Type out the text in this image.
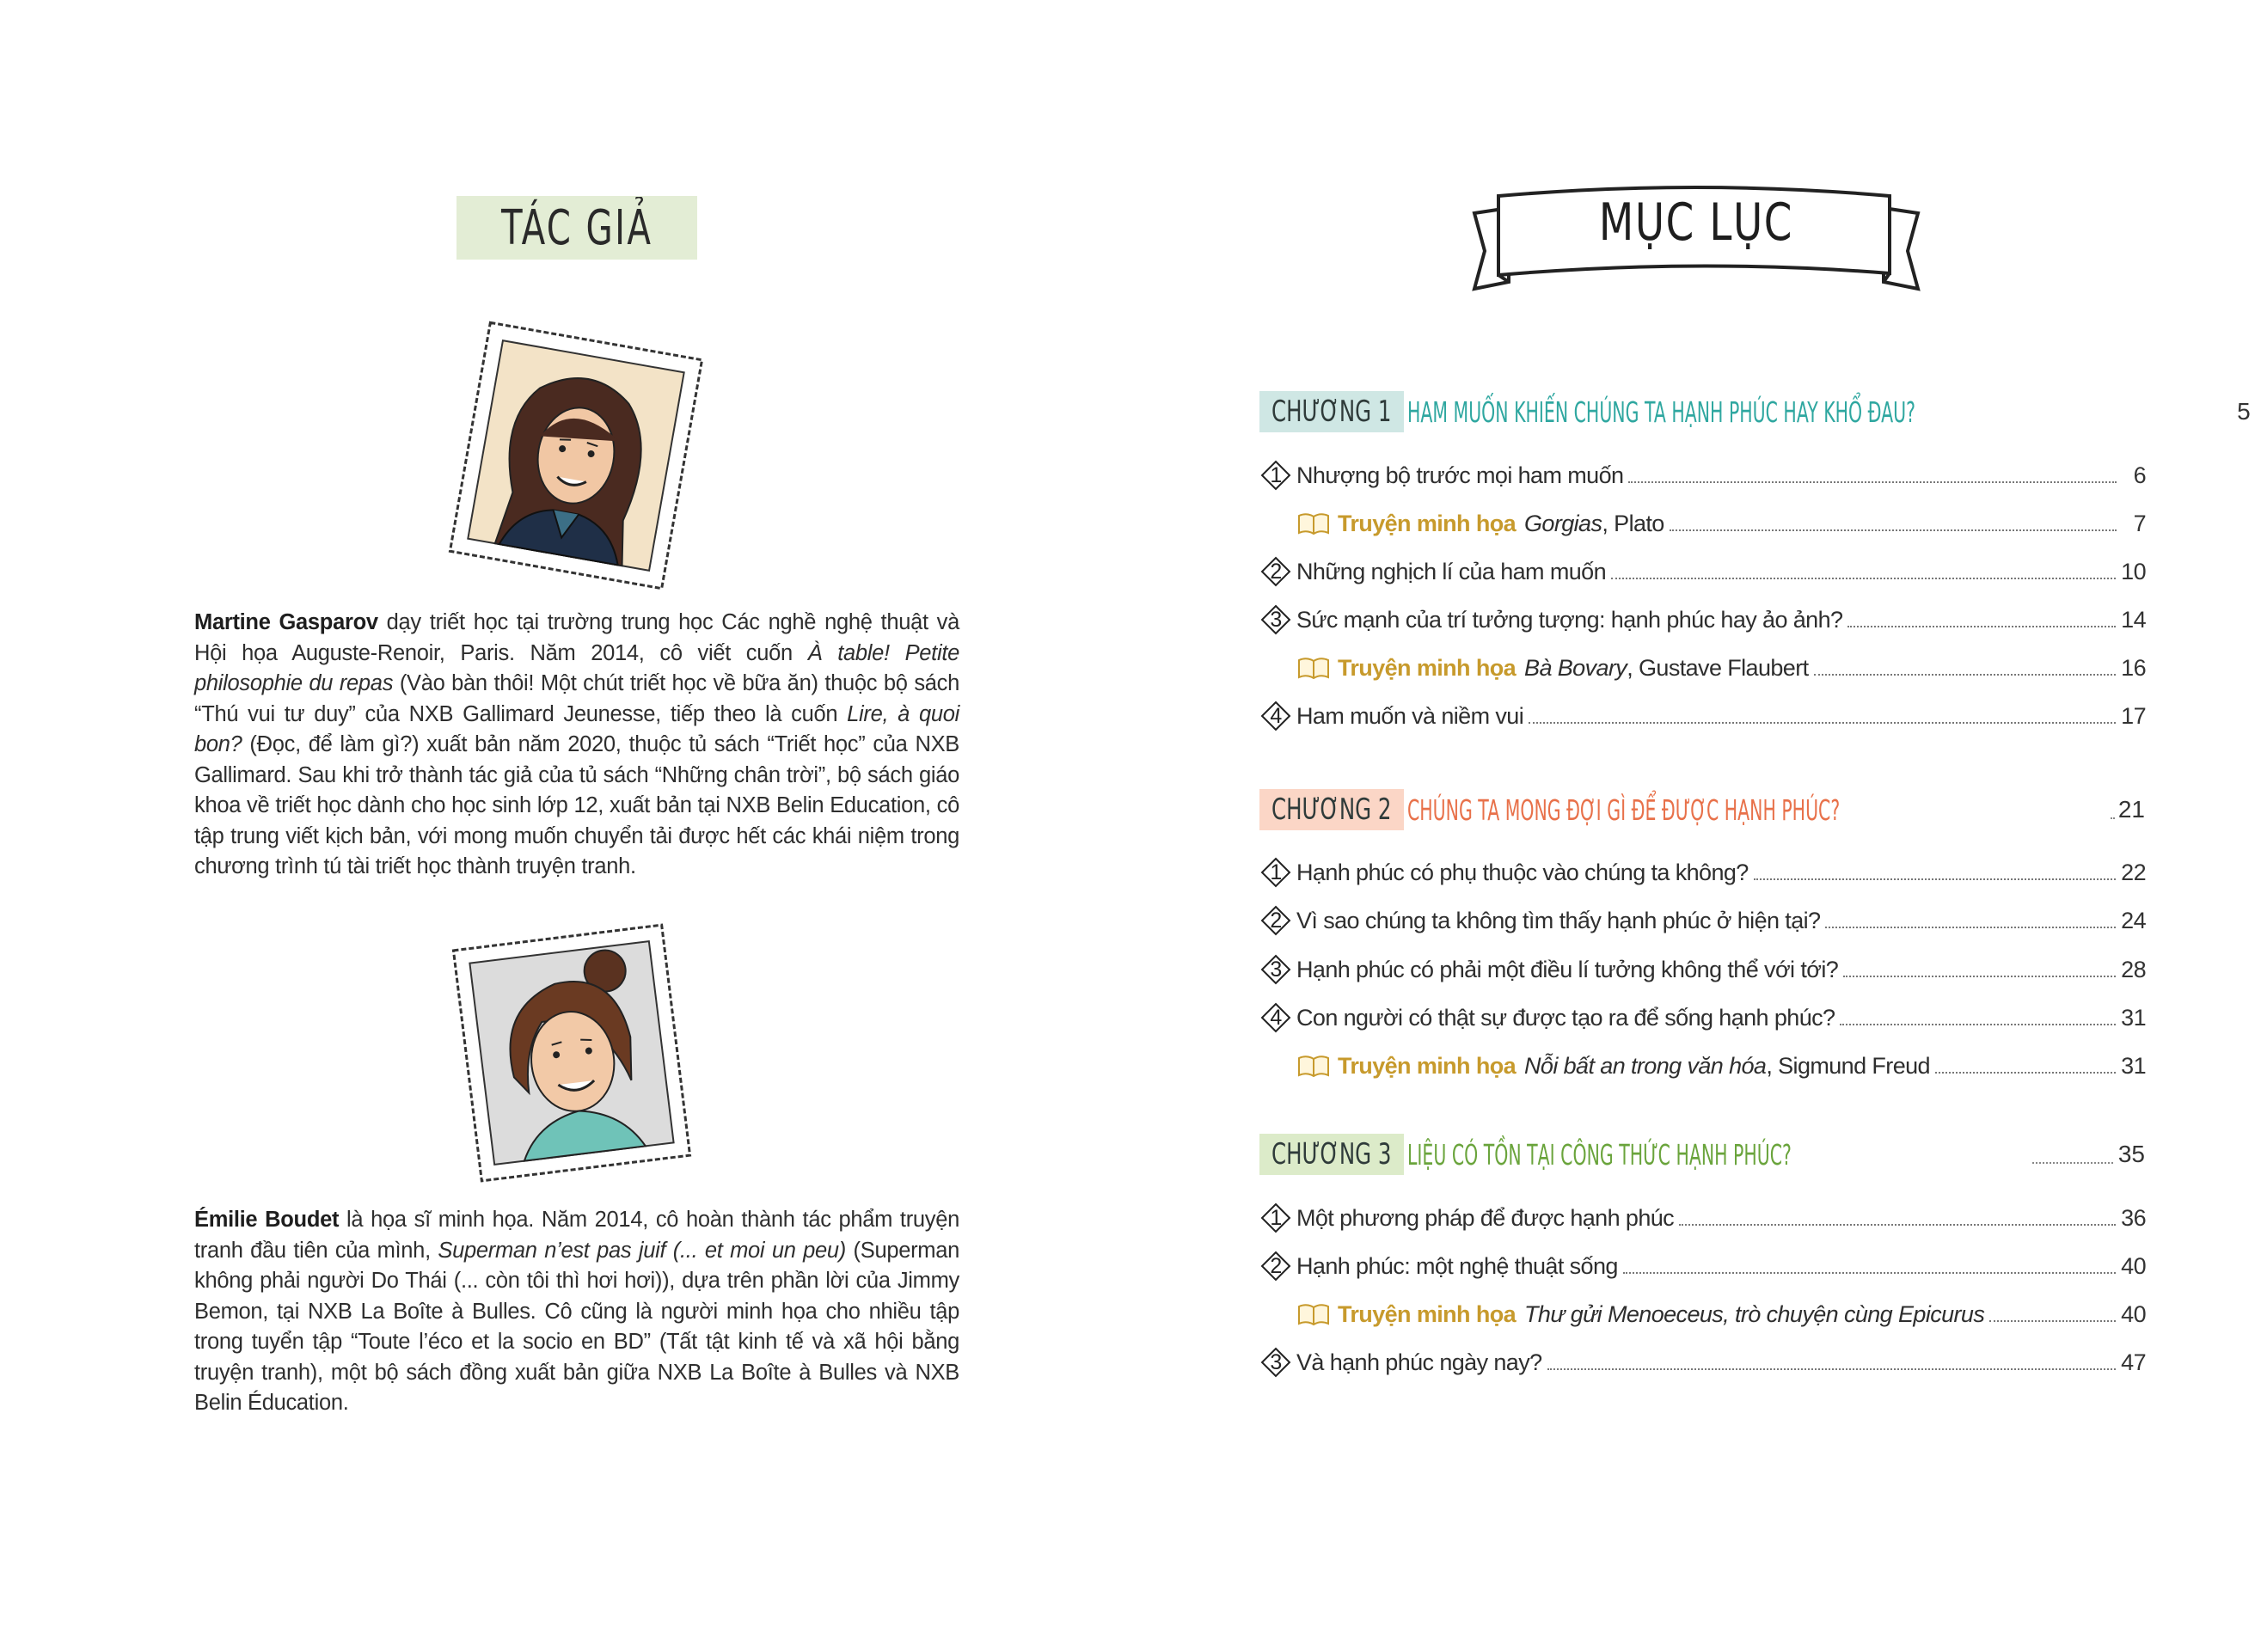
TÁC GIẢ
Martine Gasparov dạy triết học tại trường trung học Các nghề nghệ thuật và Hội họa Auguste-Renoir, Paris. Năm 2014, cô viết cuốn À table! Petite philosophie du repas (Vào bàn thôi! Một chút triết học về bữa ăn) thuộc bộ sách “Thú vui tư duy” của NXB Gallimard Jeunesse, tiếp theo là cuốn Lire, à quoi bon? (Đọc, để làm gì?) xuất bản năm 2020, thuộc tủ sách “Triết học” của NXB Gallimard. Sau khi trở thành tác giả của tủ sách “Những chân trời”, bộ sách giáo khoa về triết học dành cho học sinh lớp 12, xuất bản tại NXB Belin Education, cô tập trung viết kịch bản, với mong muốn chuyển tải được hết các khái niệm trong chương trình tú tài triết học thành truyện tranh.
Émilie Boudet là họa sĩ minh họa. Năm 2014, cô hoàn thành tác phẩm truyện tranh đầu tiên của mình, Superman n’est pas juif (... et moi un peu) (Superman không phải người Do Thái (... còn tôi thì hơi hơi)), dựa trên phần lời của Jimmy Bemon, tại NXB La Boîte à Bulles. Cô cũng là người minh họa cho nhiều tập trong tuyển tập “Toute l’éco et la socio en BD” (Tất tật kinh tế và xã hội bằng truyện tranh), một bộ sách đồng xuất bản giữa NXB La Boîte à Bulles và NXB Belin Éducation.
MỤC LỤC
CHƯƠNG 1 HAM MUỐN KHIẾN CHÚNG TA HẠNH PHÚC HAY KHỔ ĐAU?	5
1 Nhượng bộ trước mọi ham muốn	6
Truyện minh họa Gorgias , Plato	7
2 Những nghịch lí của ham muốn	10
3 Sức mạnh của trí tưởng tượng: hạnh phúc hay ảo ảnh?	14
Truyện minh họa Bà Bovary , Gustave Flaubert	16
4 Ham muốn và niềm vui	17
CHƯƠNG 2 CHÚNG TA MONG ĐỢI GÌ ĐỂ ĐƯỢC HẠNH PHÚC?	21
1 Hạnh phúc có phụ thuộc vào chúng ta không?	22
2 Vì sao chúng ta không tìm thấy hạnh phúc ở hiện tại?	24
3 Hạnh phúc có phải một điều lí tưởng không thể với tới?	28
4 Con người có thật sự được tạo ra để sống hạnh phúc?	31
Truyện minh họa Nỗi bất an trong văn hóa , Sigmund Freud	31
CHƯƠNG 3 LIỆU CÓ TỒN TẠI CÔNG THỨC HẠNH PHÚC?	35
1 Một phương pháp để được hạnh phúc	36
2 Hạnh phúc: một nghệ thuật sống	40
Truyện minh họa Thư gửi Menoeceus, trò chuyện cùng Epicurus	40
3 Và hạnh phúc ngày nay?	47
